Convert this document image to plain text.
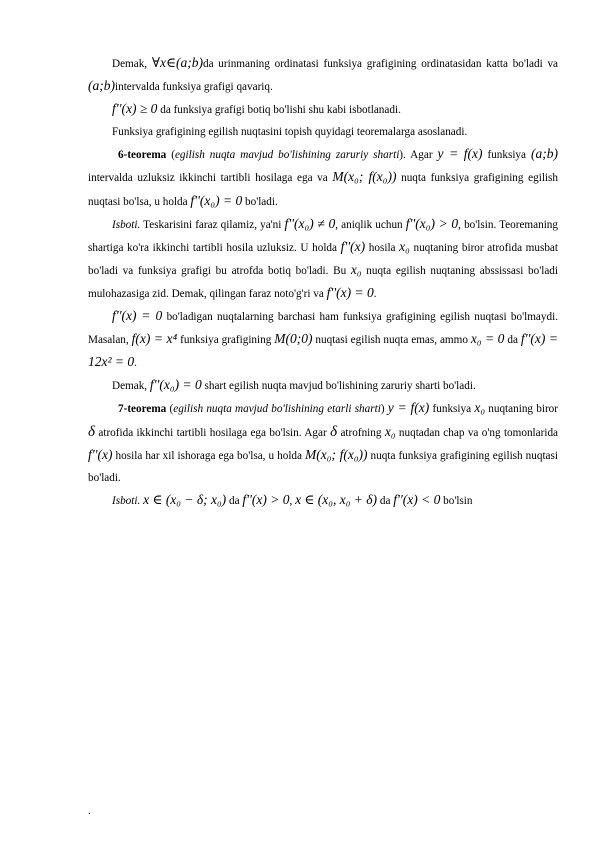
Demak, ∀x∈(a;b)da urinmaning ordinatasi funksiya grafigining ordinatasidan katta bo'ladi va (a;b)intervalda funksiya grafigi qavariq.

f''(x) ≥ 0 da funksiya grafigi botiq bo'lishi shu kabi isbotlanadi.

Funksiya grafigining egilish nuqtasini topish quyidagi teoremalarga asoslanadi.

6-teorema (egilish nuqta mavjud bo'lishining zaruriy sharti). Agar y = f(x) funksiya (a;b) intervalda uzluksiz ikkinchi tartibli hosilaga ega va M(x₀; f(x₀)) nuqta funksiya grafigining egilish nuqtasi bo'lsa, u holda f''(x₀) = 0 bo'ladi.

Isboti. Teskarisini faraz qilamiz, ya'ni f''(x₀) ≠ 0, aniqlik uchun f''(x₀) > 0, bo'lsin. Teoremaning shartiga ko'ra ikkinchi tartibli hosila uzluksiz. U holda f''(x) hosila x₀ nuqtaning biror atrofida musbat bo'ladi va funksiya grafigi bu atrofda botiq bo'ladi. Bu x₀ nuqta egilish nuqtaning abssissasi bo'ladi mulohazasiga zid. Demak, qilingan faraz noto'g'ri va f''(x) = 0.

f''(x) = 0 bo'ladigan nuqtalarning barchasi ham funksiya grafigining egilish nuqtasi bo'lmaydi. Masalan, f(x) = x⁴ funksiya grafigining M(0;0) nuqtasi egilish nuqta emas, ammo x₀ = 0 da f''(x) = 12x² = 0.

Demak, f''(x₀) = 0 shart egilish nuqta mavjud bo'lishining zaruriy sharti bo'ladi.

7-teorema (egilish nuqta mavjud bo'lishining etarli sharti) y = f(x) funksiya x₀ nuqtaning biror δ atrofida ikkinchi tartibli hosilaga ega bo'lsin. Agar δ atrofning x₀ nuqtadan chap va o'ng tomonlarida f''(x) hosila har xil ishoraga ega bo'lsa, u holda M(x₀; f(x₀)) nuqta funksiya grafigining egilish nuqtasi bo'ladi.

Isboti. x ∈ (x₀ − δ; x₀) da f''(x) > 0, x ∈ (x₀, x₀ + δ) da f''(x) < 0 bo'lsin

.
